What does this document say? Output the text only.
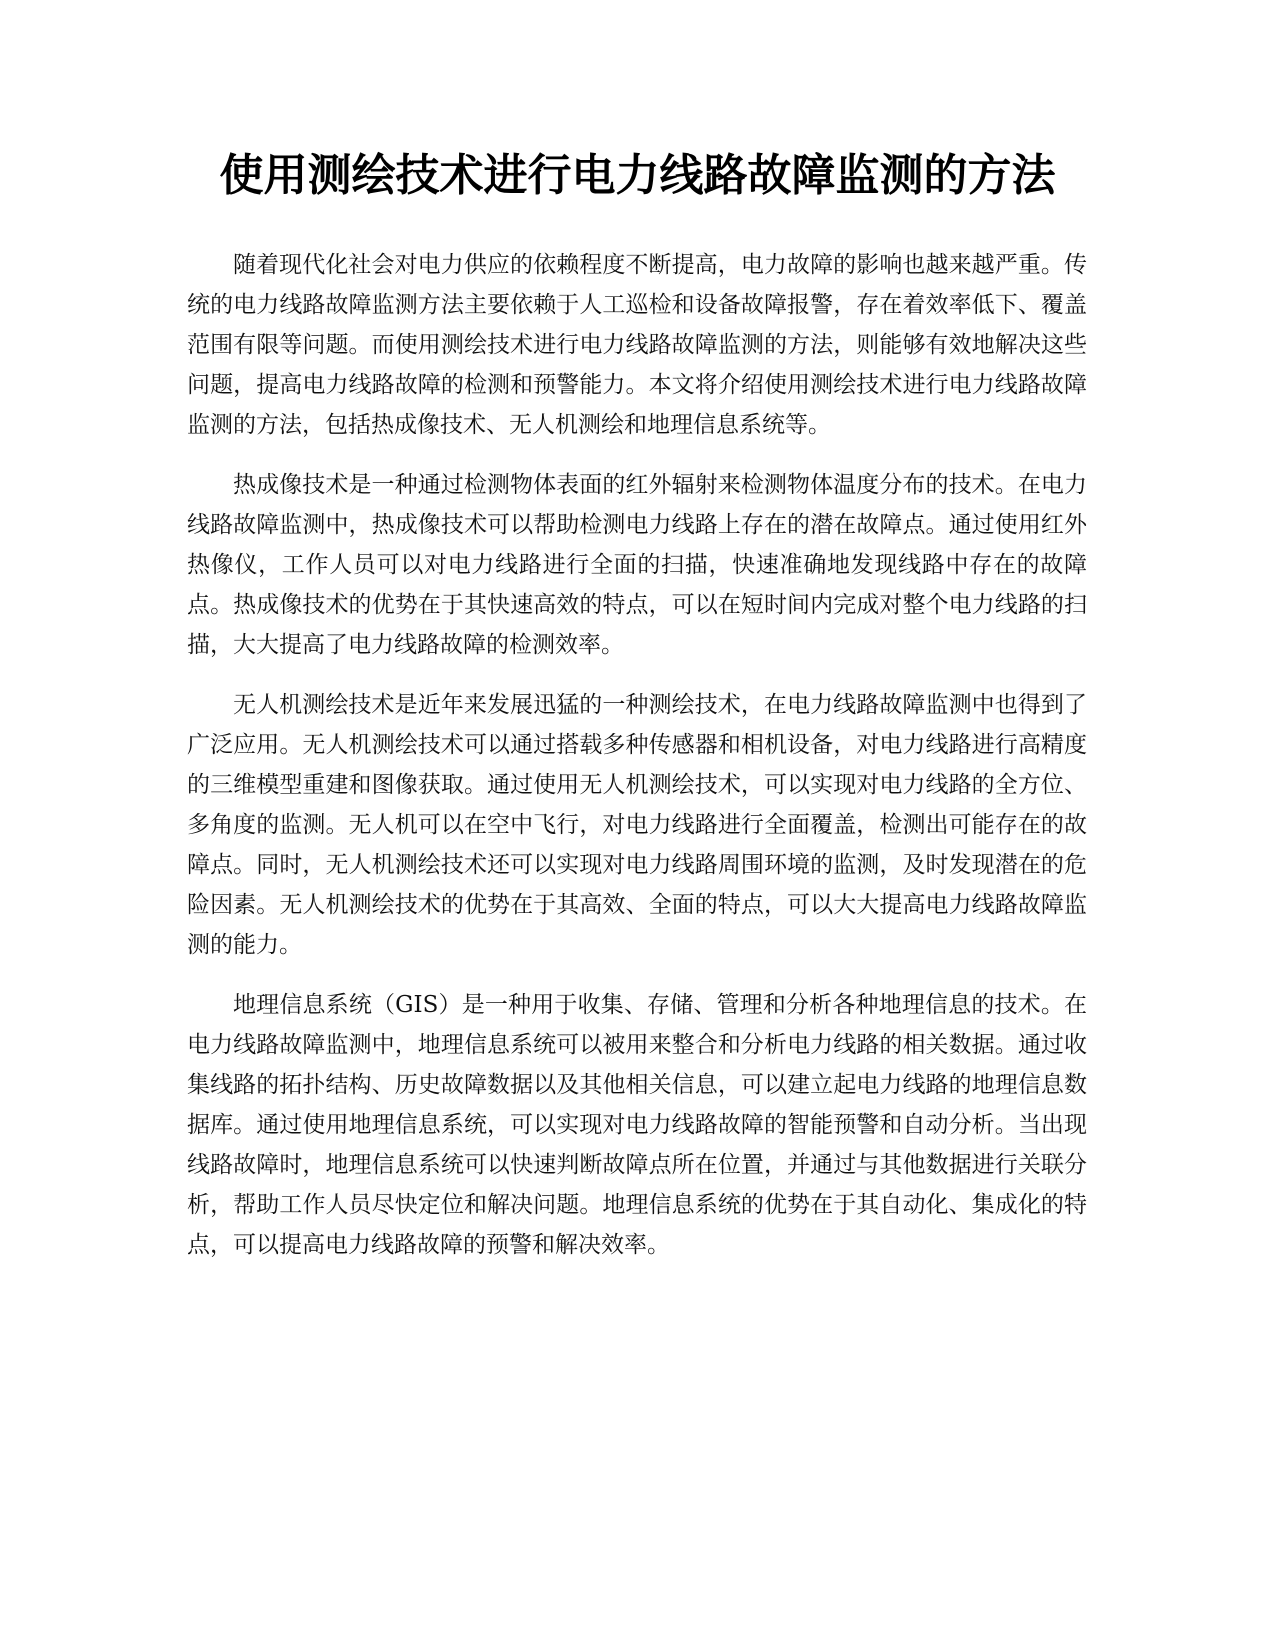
使用测绘技术进行电力线路故障监测的方法

随着现代化社会对电力供应的依赖程度不断提高，电力故障的影响也越来越严重。传统的电力线路故障监测方法主要依赖于人工巡检和设备故障报警，存在着效率低下、覆盖范围有限等问题。而使用测绘技术进行电力线路故障监测的方法，则能够有效地解决这些问题，提高电力线路故障的检测和预警能力。本文将介绍使用测绘技术进行电力线路故障监测的方法，包括热成像技术、无人机测绘和地理信息系统等。

热成像技术是一种通过检测物体表面的红外辐射来检测物体温度分布的技术。在电力线路故障监测中，热成像技术可以帮助检测电力线路上存在的潜在故障点。通过使用红外热像仪，工作人员可以对电力线路进行全面的扫描，快速准确地发现线路中存在的故障点。热成像技术的优势在于其快速高效的特点，可以在短时间内完成对整个电力线路的扫描，大大提高了电力线路故障的检测效率。

无人机测绘技术是近年来发展迅猛的一种测绘技术，在电力线路故障监测中也得到了广泛应用。无人机测绘技术可以通过搭载多种传感器和相机设备，对电力线路进行高精度的三维模型重建和图像获取。通过使用无人机测绘技术，可以实现对电力线路的全方位、多角度的监测。无人机可以在空中飞行，对电力线路进行全面覆盖，检测出可能存在的故障点。同时，无人机测绘技术还可以实现对电力线路周围环境的监测，及时发现潜在的危险因素。无人机测绘技术的优势在于其高效、全面的特点，可以大大提高电力线路故障监测的能力。

地理信息系统（GIS）是一种用于收集、存储、管理和分析各种地理信息的技术。在电力线路故障监测中，地理信息系统可以被用来整合和分析电力线路的相关数据。通过收集线路的拓扑结构、历史故障数据以及其他相关信息，可以建立起电力线路的地理信息数据库。通过使用地理信息系统，可以实现对电力线路故障的智能预警和自动分析。当出现线路故障时，地理信息系统可以快速判断故障点所在位置，并通过与其他数据进行关联分析，帮助工作人员尽快定位和解决问题。地理信息系统的优势在于其自动化、集成化的特点，可以提高电力线路故障的预警和解决效率。
